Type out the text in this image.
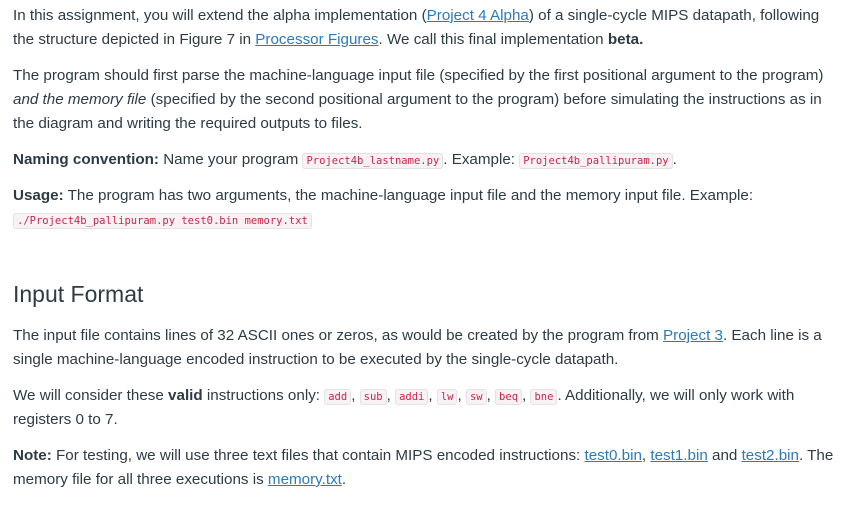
In this assignment, you will extend the alpha implementation (Project 4 Alpha) of a single-cycle MIPS datapath, following the structure depicted in Figure 7 in Processor Figures. We call this final implementation beta.

The program should first parse the machine-language input file (specified by the first positional argument to the program) and the memory file (specified by the second positional argument to the program) before simulating the instructions as in the diagram and writing the required outputs to files.

Naming convention: Name your program Project4b_lastname.py . Example: Project4b_pallipuram.py .

Usage: The program has two arguments, the machine-language input file and the memory input file. Example:
./Project4b_pallipuram.py test0.bin memory.txt

Input Format

The input file contains lines of 32 ASCII ones or zeros, as would be created by the program from Project 3. Each line is a single machine-language encoded instruction to be executed by the single-cycle datapath.

We will consider these valid instructions only: add , sub , addi , lw , sw , beq , bne . Additionally, we will only work with registers 0 to 7.

Note: For testing, we will use three text files that contain MIPS encoded instructions: test0.bin, test1.bin and test2.bin. The memory file for all three executions is memory.txt.
